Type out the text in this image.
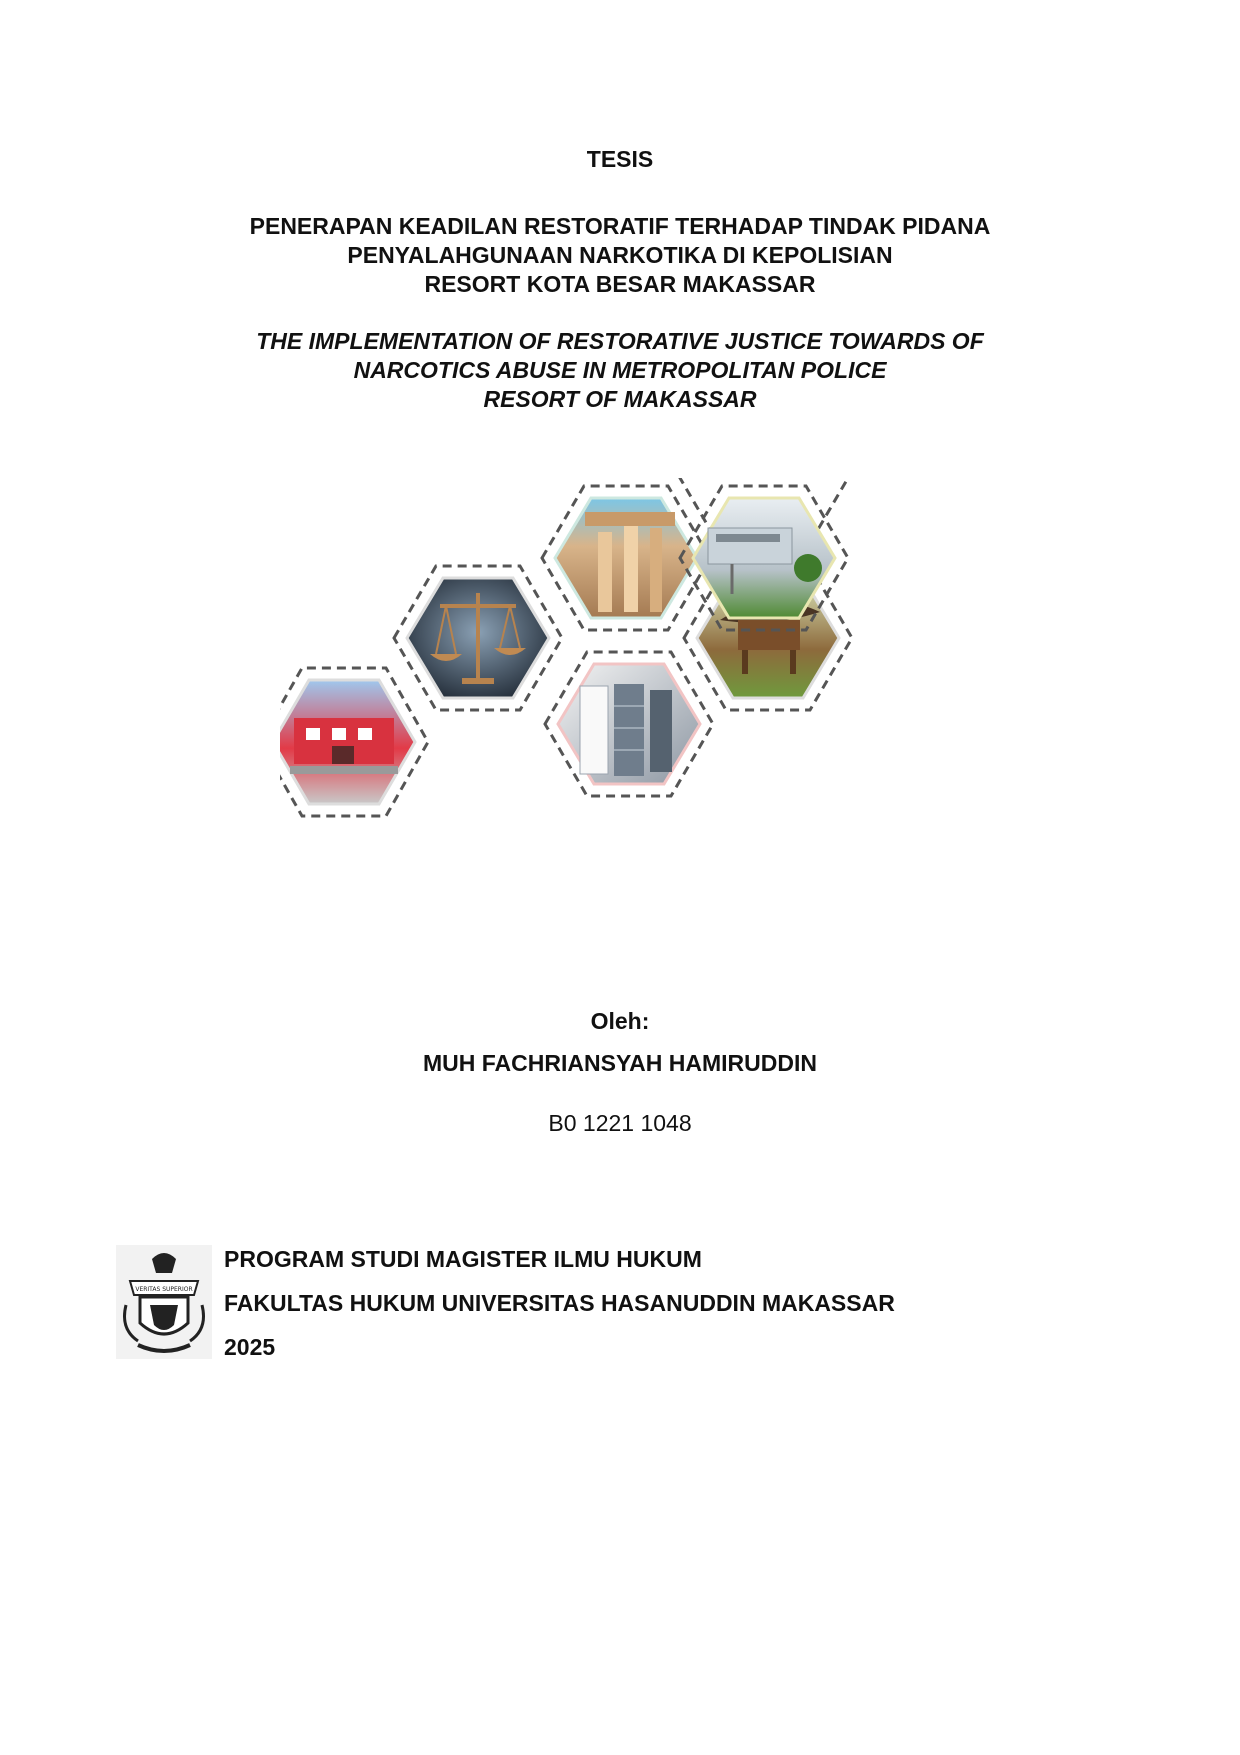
TESIS
PENERAPAN KEADILAN RESTORATIF TERHADAP TINDAK PIDANA
PENYALAHGUNAAN NARKOTIKA DI KEPOLISIAN
RESORT KOTA BESAR MAKASSAR
THE IMPLEMENTATION OF RESTORATIVE JUSTICE TOWARDS OF
NARCOTICS ABUSE IN METROPOLITAN POLICE
RESORT OF MAKASSAR
Oleh:
MUH FACHRIANSYAH HAMIRUDDIN
B0 1221 1048
VERITAS SUPERIOR
PROGRAM STUDI MAGISTER ILMU HUKUM
FAKULTAS HUKUM UNIVERSITAS HASANUDDIN MAKASSAR
2025
